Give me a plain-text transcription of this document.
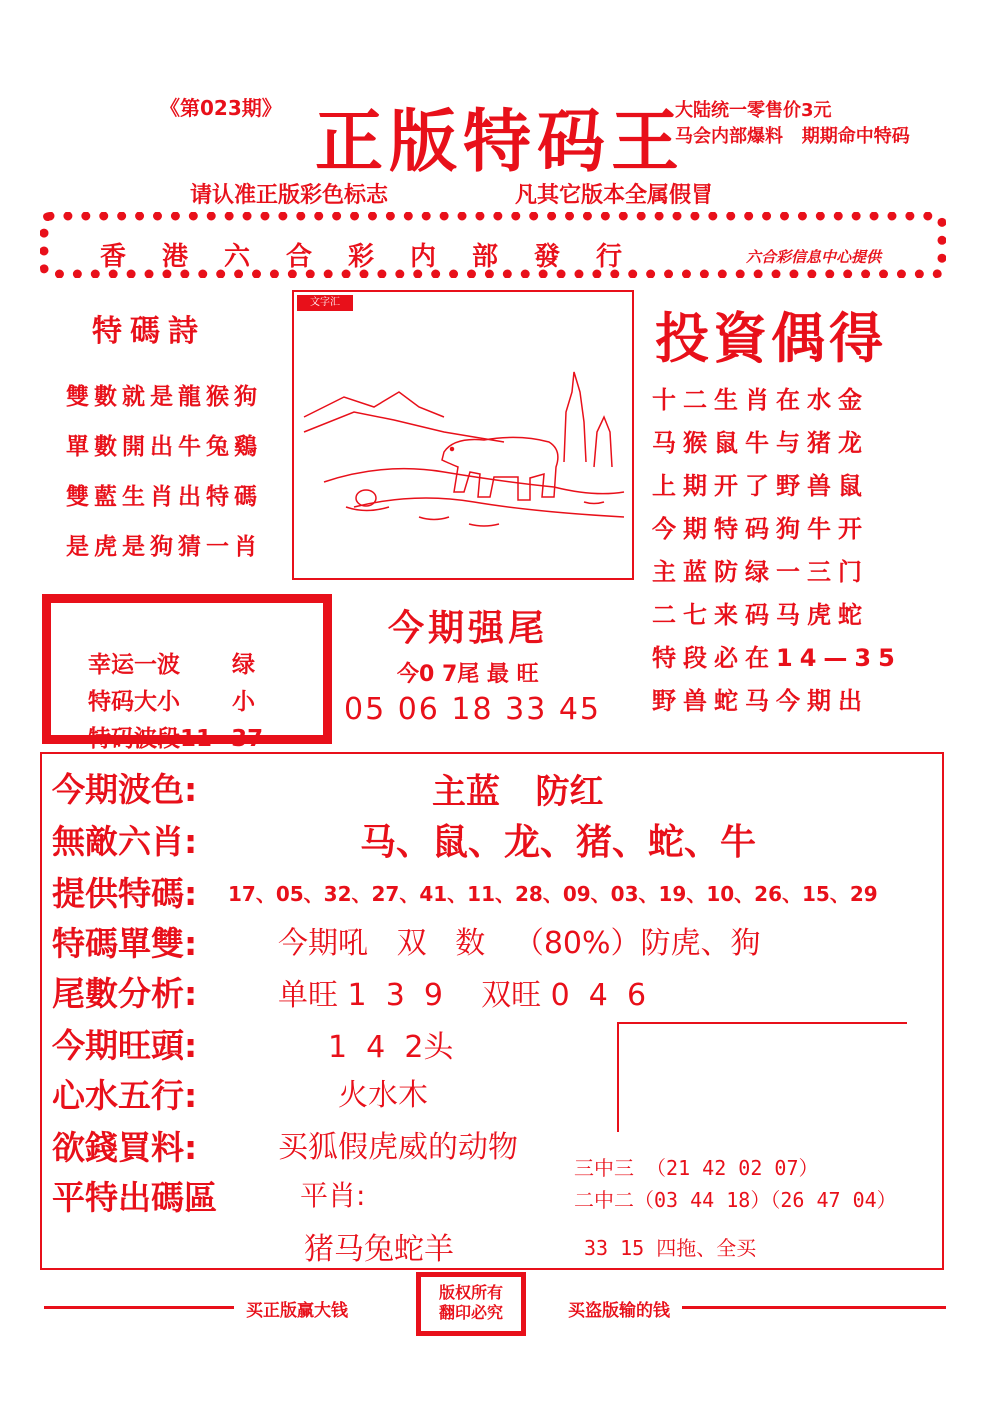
《第023期》 正版特码王
大陆统一零售价3元
马会内部爆料   期期命中特码
请认准正版彩色标志	凡其它版本全属假冒
香港六合彩内部發行	六合彩信息中心提供
特碼詩
雙數就是龍猴狗
單數開出牛兔鷄
雙藍生肖出特碼
是虎是狗猜一肖
文字汇
投資偶得
十二生肖在水金
马猴鼠牛与猪龙
上期开了野兽鼠
今期特码狗牛开
主蓝防绿一三门
二七来码马虎蛇
特段必在14—35
野兽蛇马今期出

幸运一波 绿

特码大小 小

特码波段11--37

今期强尾
今0 7尾 最 旺
05 06 18 33 45
今期波色:	主蓝   防红
無敵六肖:	马、鼠、龙、猪、蛇、牛
提供特碼: 17、05、32、27、41、11、28、09、03、19、10、26、15、29
特碼單雙:	今期吼   双   数   （80%）防虎、狗
尾數分析:	单旺 1  3  9    双旺 0  4  6
今期旺頭:	1  4  2头
心水五行:	火水木
欲錢買料:	买狐假虎威的动物
平特出碼區	平肖:
猪马兔蛇羊
三中三 （21 42 02 07）
二中二（03 44 18）（26 47 04）
33 15 四拖、全买
买正版赢大钱	买盗版输的钱
版权所有
翻印必究
